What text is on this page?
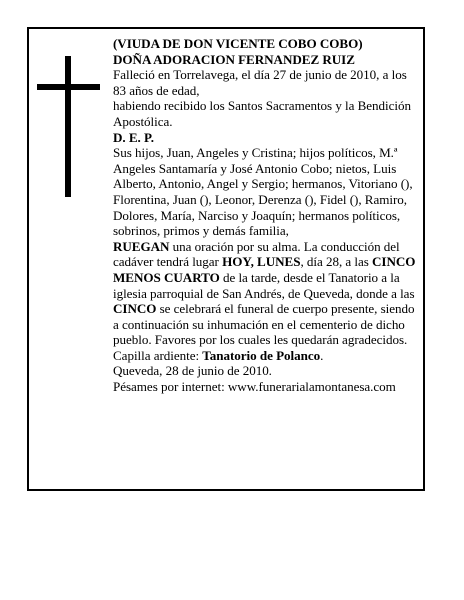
(VIUDA DE DON VICENTE COBO COBO)

DOÑA ADORACION FERNANDEZ RUIZ

Falleció en Torrelavega, el día 27 de junio de 2010, a los 83 años de edad,

habiendo recibido los Santos Sacramentos y la Bendición Apostólica.

D. E. P.

Sus hijos, Juan, Angeles y Cristina; hijos políticos, M.ª Angeles Santamaría y José Antonio Cobo; nietos, Luis Alberto, Antonio, Angel y Sergio; hermanos, Vitoriano (), Florentina, Juan (), Leonor, Derenza (), Fidel (), Ramiro, Dolores, María, Narciso y Joaquín; hermanos políticos, sobrinos, primos y demás familia,

RUEGAN una oración por su alma. La conducción del cadáver tendrá lugar HOY, LUNES, día 28, a las CINCO MENOS CUARTO de la tarde, desde el Tanatorio a la iglesia parroquial de San Andrés, de Queveda, donde a las CINCO se celebrará el funeral de cuerpo presente, siendo a continuación su inhumación en el cementerio de dicho pueblo. Favores por los cuales les quedarán agradecidos. Capilla ardiente: Tanatorio de Polanco.

Queveda, 28 de junio de 2010.

Pésames por internet: www.funerarialamontanesa.com
